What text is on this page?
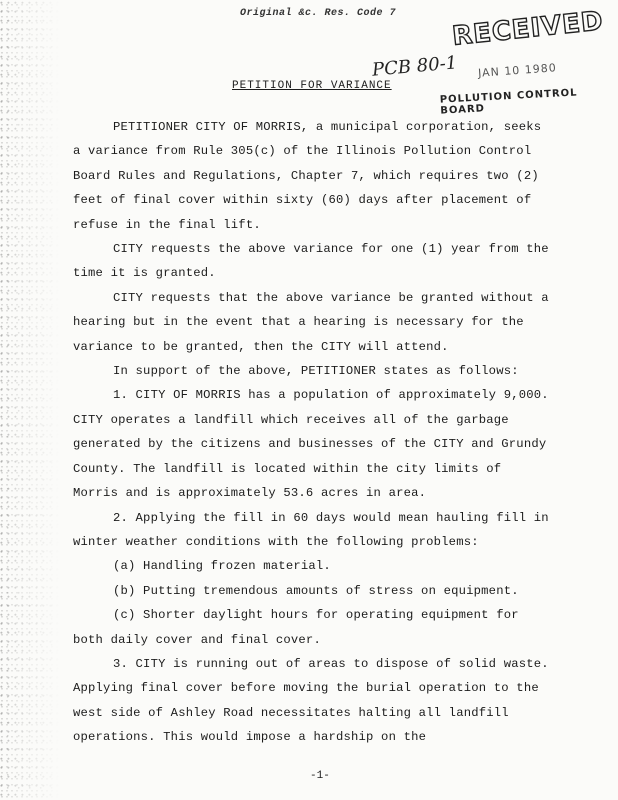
Original &c. Res. Code 7 RECEIVED
PCB 80-1 JAN 10 1980
POLLUTION CONTROL BOARD
PETITION FOR VARIANCE

PETITIONER CITY OF MORRIS, a municipal corporation, seeks a variance from Rule 305(c) of the Illinois Pollution Control Board Rules and Regulations, Chapter 7, which requires two (2) feet of final cover within sixty (60) days after placement of refuse in the final lift.

CITY requests the above variance for one (1) year from the time it is granted.

CITY requests that the above variance be granted without a hearing but in the event that a hearing is necessary for the variance to be granted, then the CITY will attend.

In support of the above, PETITIONER states as follows:

1. CITY OF MORRIS has a population of approximately 9,000. CITY operates a landfill which receives all of the garbage generated by the citizens and businesses of the CITY and Grundy County. The landfill is located within the city limits of Morris and is approximately 53.6 acres in area.

2. Applying the fill in 60 days would mean hauling fill in winter weather conditions with the following problems:

(a) Handling frozen material.

(b) Putting tremendous amounts of stress on equipment.

(c) Shorter daylight hours for operating equipment for both daily cover and final cover.

3. CITY is running out of areas to dispose of solid waste. Applying final cover before moving the burial operation to the west side of Ashley Road necessitates halting all landfill operations. This would impose a hardship on the

-1-
